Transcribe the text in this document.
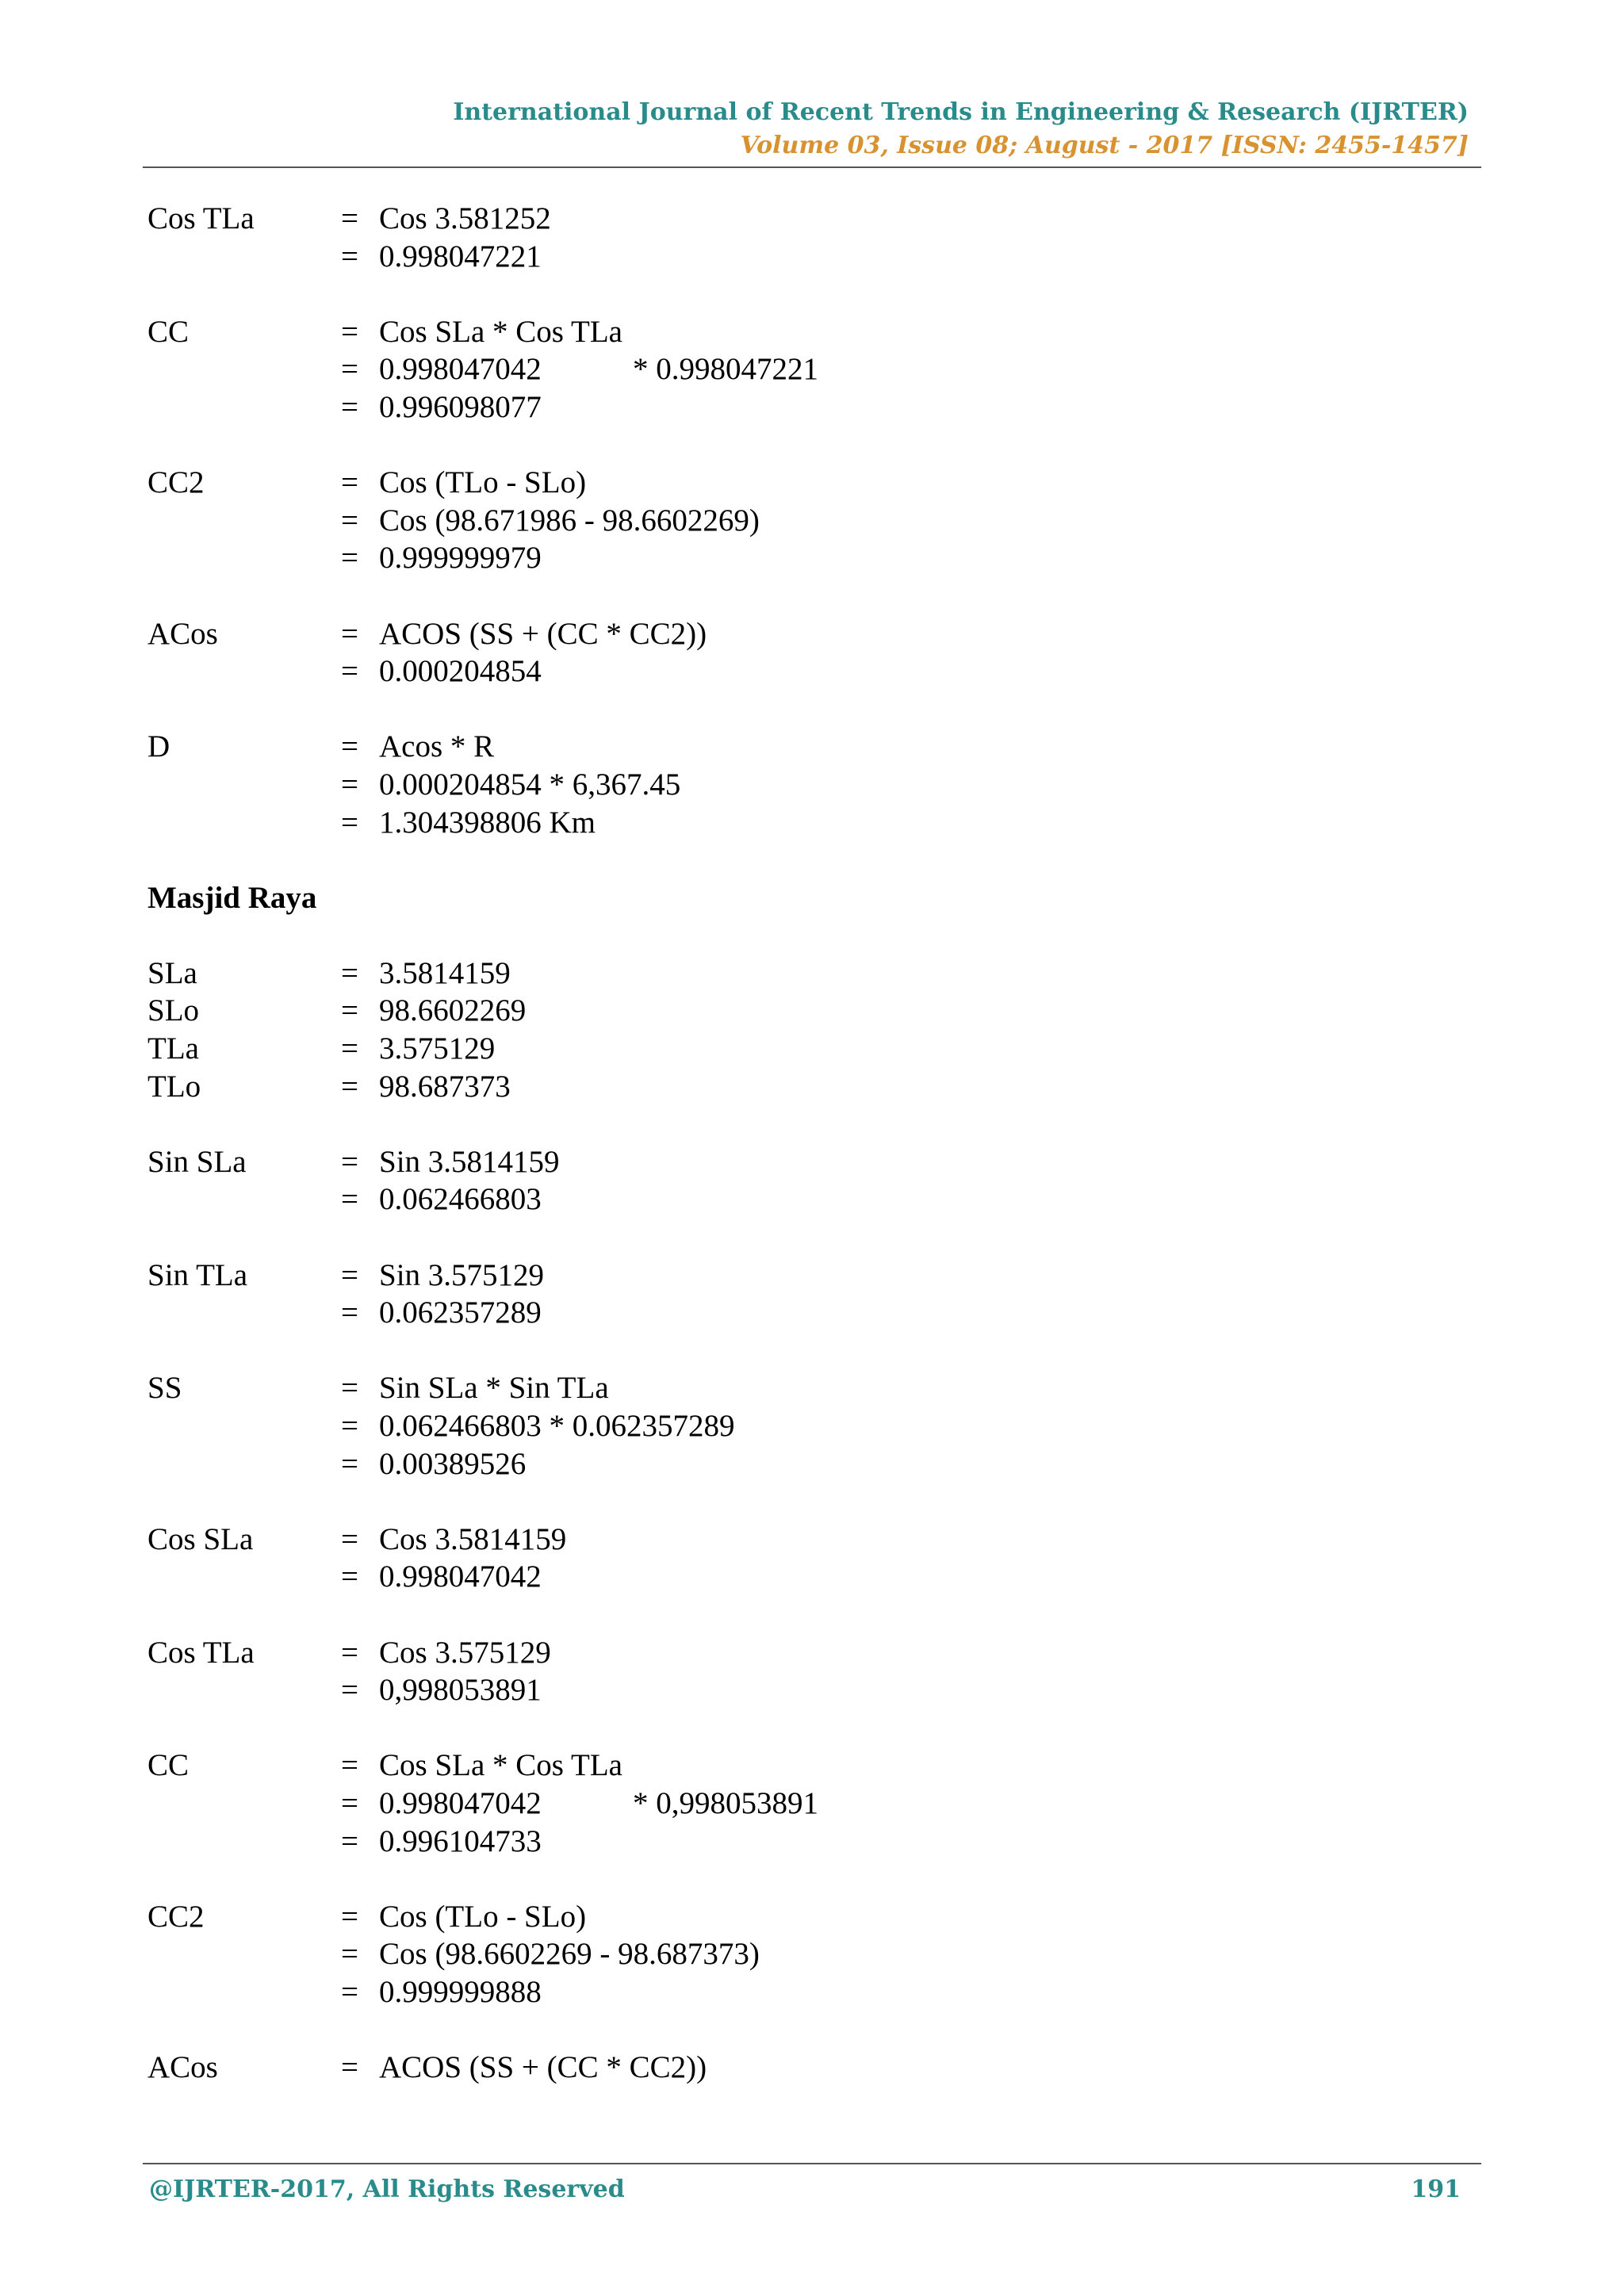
International Journal of Recent Trends in Engineering & Research (IJRTER)
Volume 03, Issue 08; August - 2017 [ISSN: 2455-1457]
Cos TLa	= Cos 3.581252
= 0.998047221
CC	= Cos SLa * Cos TLa
= 0.998047042	* 0.998047221
= 0.996098077
CC2	= Cos (TLo - SLo)
= Cos (98.671986 - 98.6602269)
= 0.999999979
ACos	= ACOS (SS + (CC * CC2))
= 0.000204854
D	= Acos * R
= 0.000204854 * 6,367.45
= 1.304398806 Km
Masjid Raya
SLa	= 3.5814159
SLo	= 98.6602269
TLa	= 3.575129
TLo	= 98.687373
Sin SLa	= Sin 3.5814159
= 0.062466803
Sin TLa	= Sin 3.575129
= 0.062357289
SS	= Sin SLa * Sin TLa
= 0.062466803 * 0.062357289
= 0.00389526
Cos SLa	= Cos 3.5814159
= 0.998047042
Cos TLa	= Cos 3.575129
= 0,998053891
CC	= Cos SLa * Cos TLa
= 0.998047042	* 0,998053891
= 0.996104733
CC2	= Cos (TLo - SLo)
= Cos (98.6602269 - 98.687373)
= 0.999999888
ACos	= ACOS (SS + (CC * CC2))
@IJRTER-2017, All Rights Reserved	191
